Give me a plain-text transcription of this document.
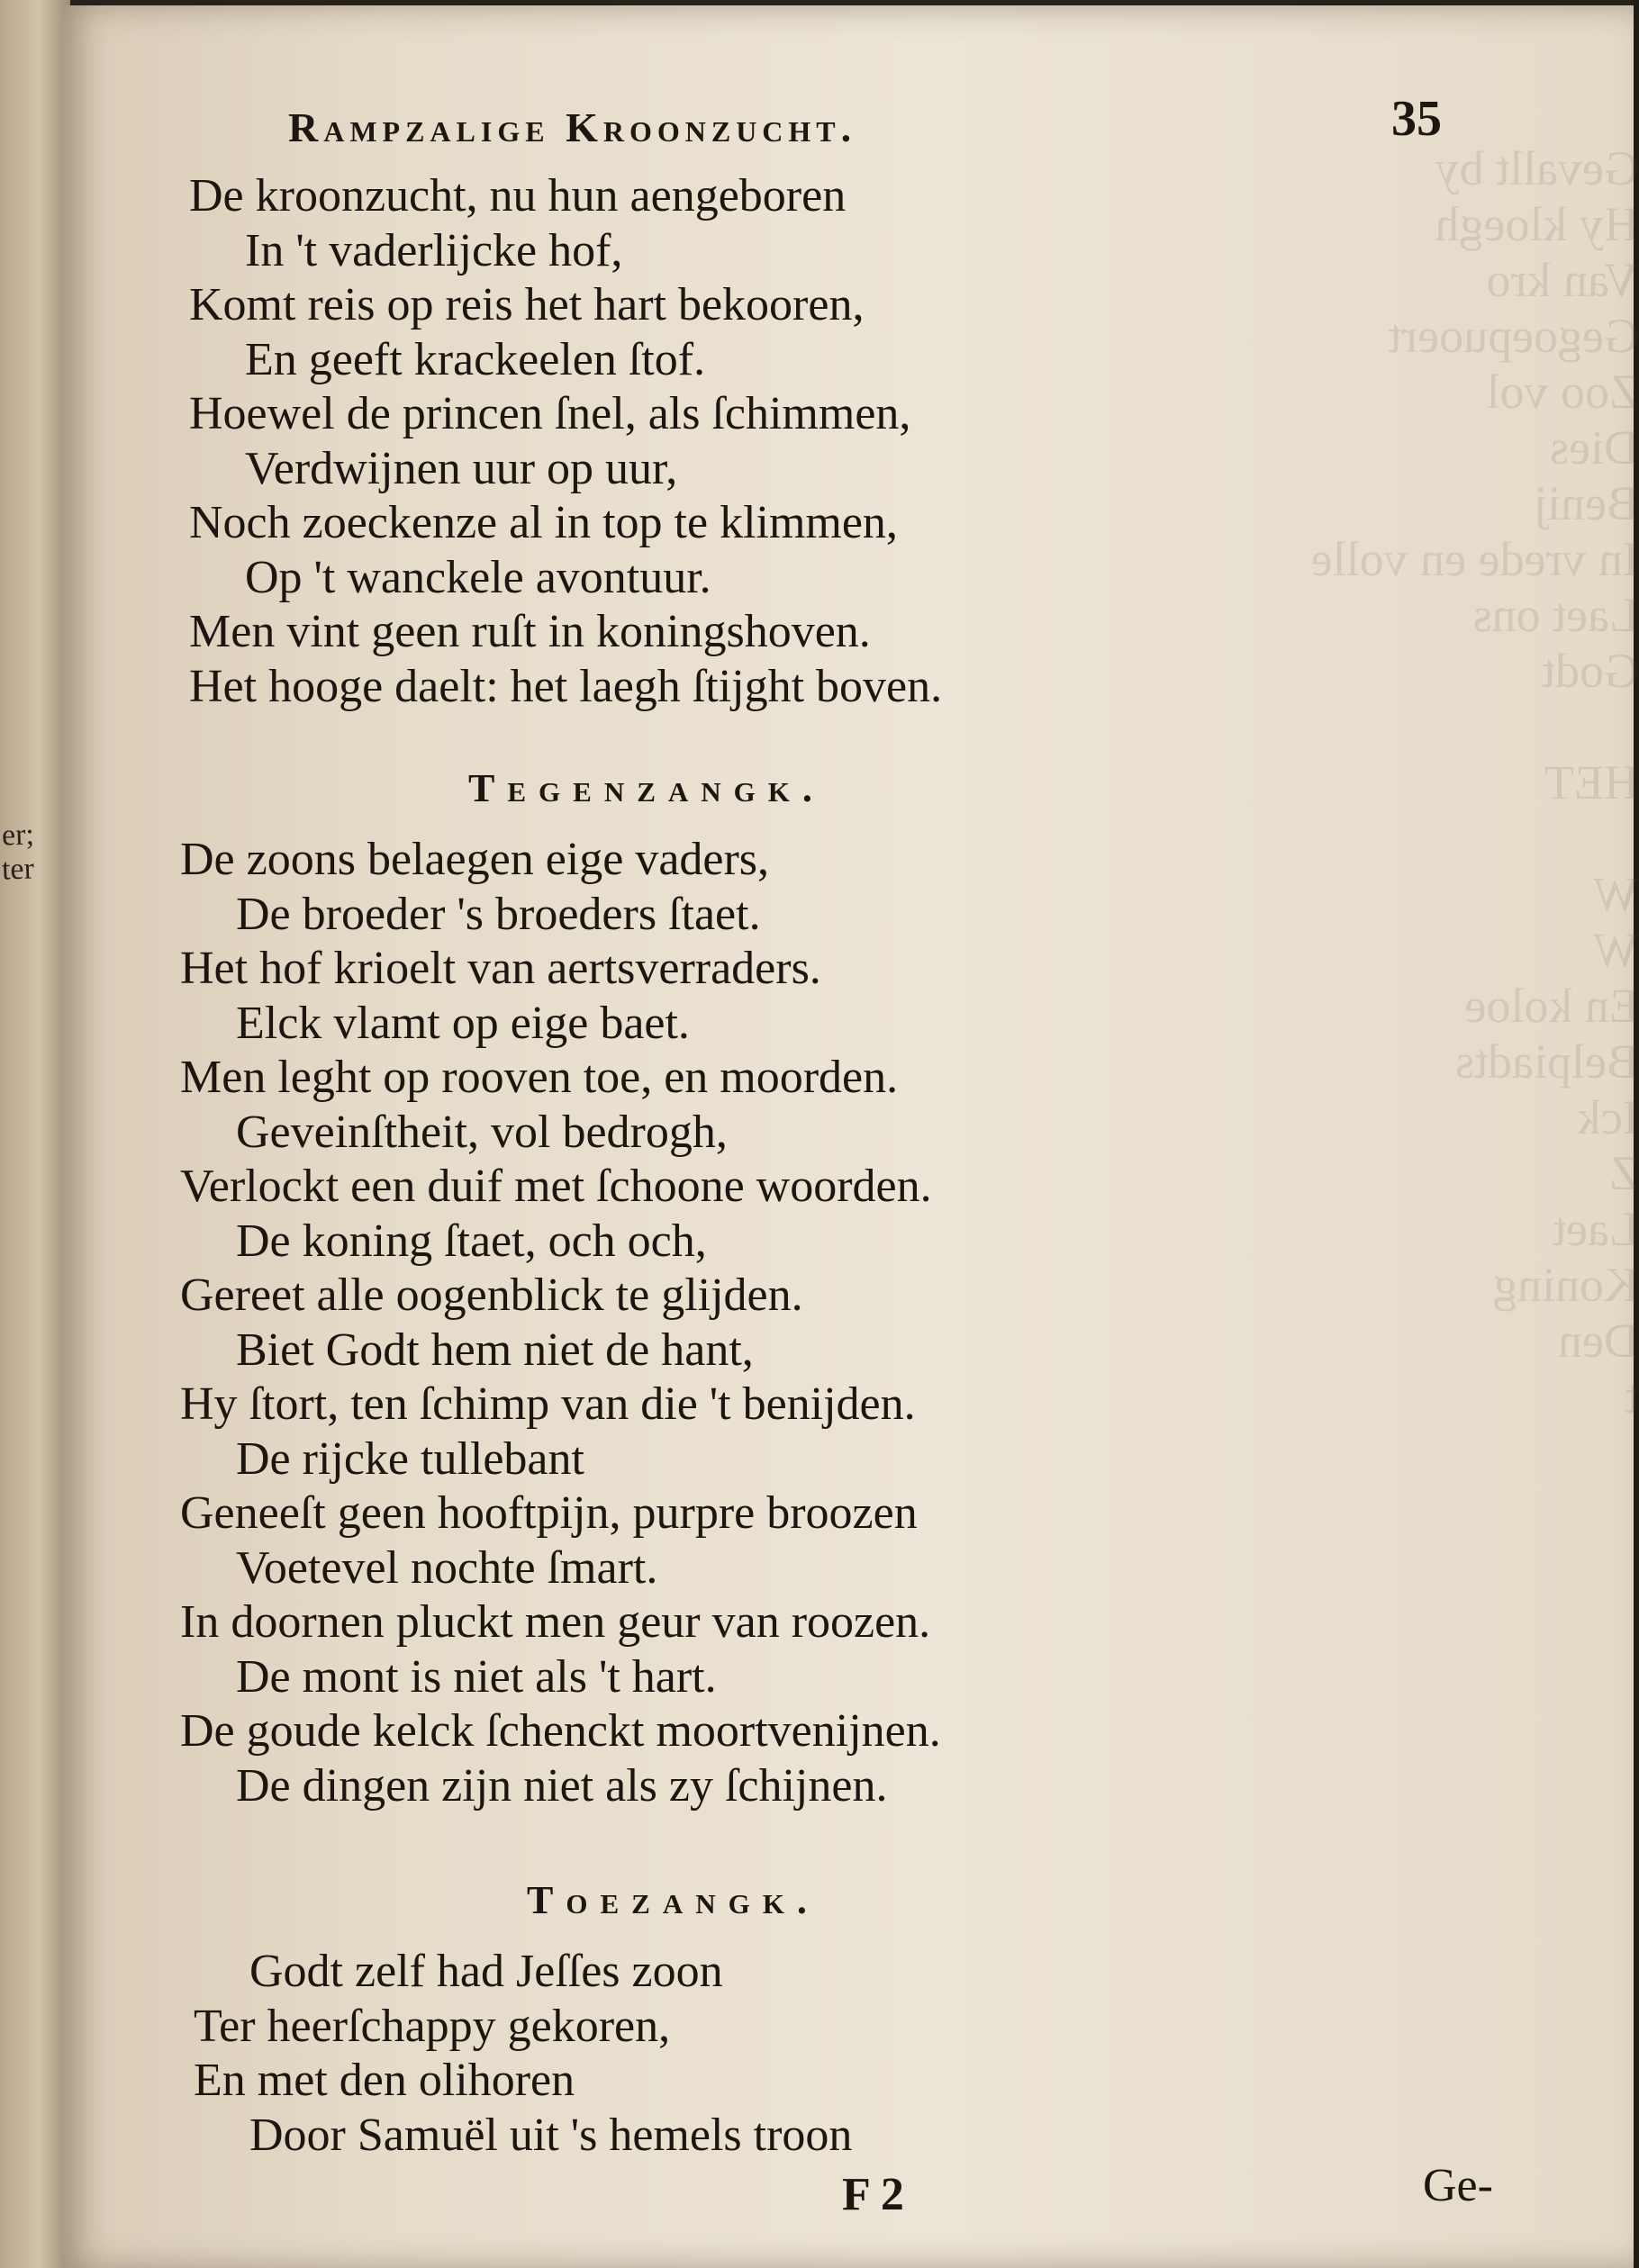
er;
ter
Gevallt by
Hy kloegh
Van kro
Gegoepuoert
Zoo vol
Dies
Benij
In vrede en volle
Laet ons
Godt

HET

W
W
En koloe
Belpiadts
Ick
Z
Laet
Koning
Den
t

Rampzalige Kroonzucht.	35
De kroonzucht, nu hun aengeboren
In 't vaderlijcke hof,
Komt reis op reis het hart bekooren,
En geeft krackeelen ſtof.
Hoewel de princen ſnel, als ſchimmen,
Verdwijnen uur op uur,
Noch zoeckenze al in top te klimmen,
Op 't wanckele avontuur.
Men vint geen ruſt in koningshoven.
Het hooge daelt: het laegh ſtijght boven.
Tegenzangk.
De zoons belaegen eige vaders,
De broeder 's broeders ſtaet.
Het hof krioelt van aertsverraders.
Elck vlamt op eige baet.
Men leght op rooven toe, en moorden.
Geveinſtheit, vol bedrogh,
Verlockt een duif met ſchoone woorden.
De koning ſtaet, och och,
Gereet alle oogenblick te glijden.
Biet Godt hem niet de hant,
Hy ſtort, ten ſchimp van die 't benijden.
De rijcke tullebant
Geneeſt geen hooftpijn, purpre broozen
Voetevel nochte ſmart.
In doornen pluckt men geur van roozen.
De mont is niet als 't hart.
De goude kelck ſchenckt moortvenijnen.
De dingen zijn niet als zy ſchijnen.
Toezangk.
Godt zelf had Jeſſes zoon
Ter heerſchappy gekoren,
En met den olihoren
Door Samuël uit 's hemels troon
F 2	Ge-
